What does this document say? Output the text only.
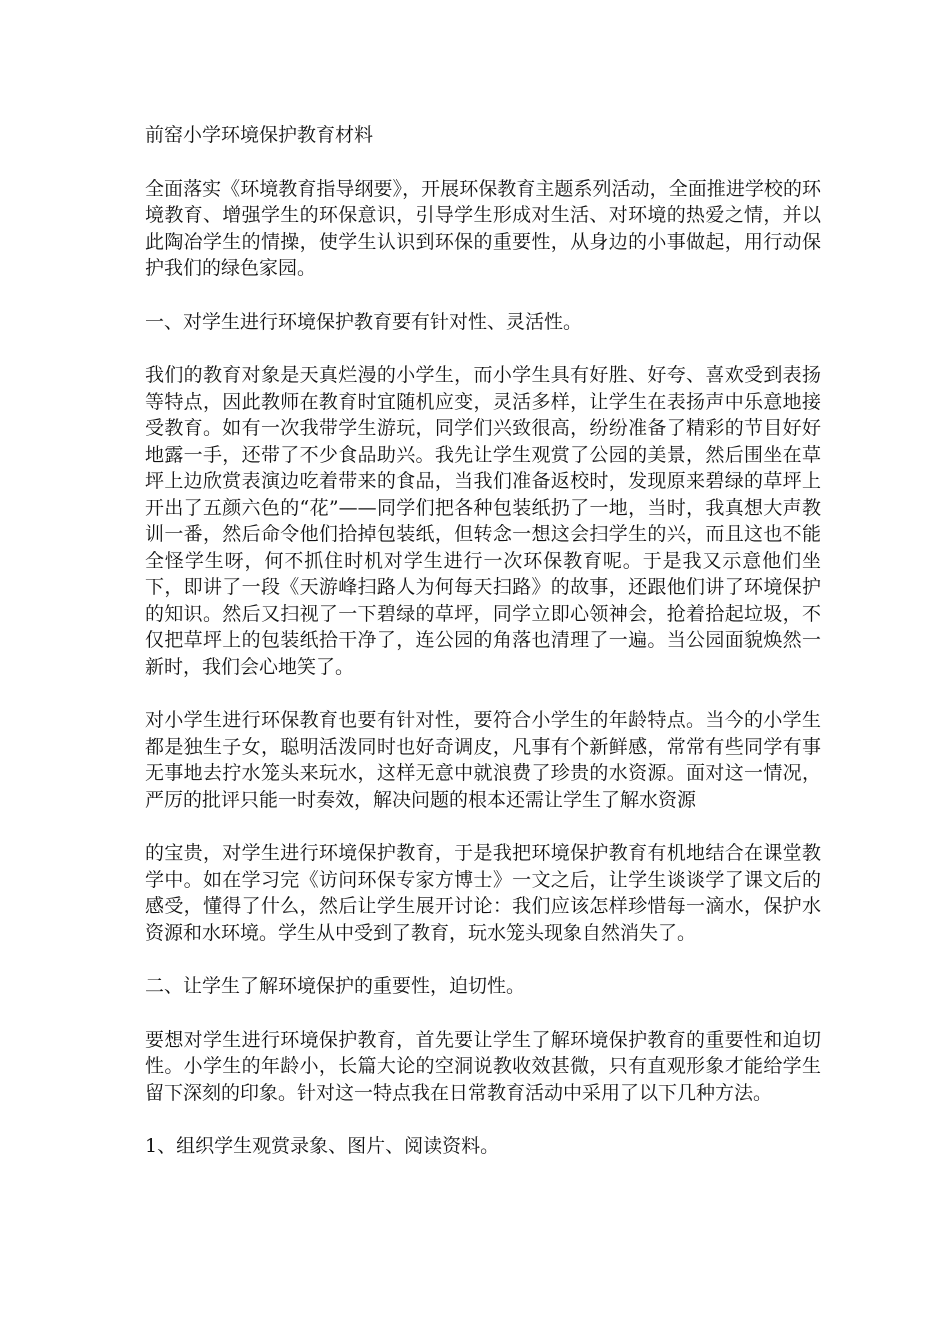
前窑小学环境保护教育材料
全面落实《环境教育指导纲要》，开展环保教育主题系列活动，全面推进学校的环境教育、增强学生的环保意识，引导学生形成对生活、对环境的热爱之情，并以此陶冶学生的情操，使学生认识到环保的重要性，从身边的小事做起，用行动保护我们的绿色家园。
一、对学生进行环境保护教育要有针对性、灵活性。
我们的教育对象是天真烂漫的小学生，而小学生具有好胜、好夸、喜欢受到表扬等特点，因此教师在教育时宜随机应变，灵活多样，让学生在表扬声中乐意地接受教育。如有一次我带学生游玩，同学们兴致很高，纷纷准备了精彩的节目好好地露一手，还带了不少食品助兴。我先让学生观赏了公园的美景，然后围坐在草坪上边欣赏表演边吃着带来的食品，当我们准备返校时，发现原来碧绿的草坪上开出了五颜六色的“花”——同学们把各种包装纸扔了一地，当时，我真想大声教训一番，然后命令他们拾掉包装纸，但转念一想这会扫学生的兴，而且这也不能全怪学生呀，何不抓住时机对学生进行一次环保教育呢。于是我又示意他们坐下，即讲了一段《天游峰扫路人为何每天扫路》的故事，还跟他们讲了环境保护的知识。然后又扫视了一下碧绿的草坪，同学立即心领神会，抢着拾起垃圾，不仅把草坪上的包装纸拾干净了，连公园的角落也清理了一遍。当公园面貌焕然一新时，我们会心地笑了。
对小学生进行环保教育也要有针对性，要符合小学生的年龄特点。当今的小学生都是独生子女，聪明活泼同时也好奇调皮，凡事有个新鲜感，常常有些同学有事无事地去拧水笼头来玩水，这样无意中就浪费了珍贵的水资源。面对这一情况，严厉的批评只能一时奏效，解决问题的根本还需让学生了解水资源
的宝贵，对学生进行环境保护教育，于是我把环境保护教育有机地结合在课堂教学中。如在学习完《访问环保专家方博士》一文之后，让学生谈谈学了课文后的感受，懂得了什么，然后让学生展开讨论：我们应该怎样珍惜每一滴水，保护水资源和水环境。学生从中受到了教育，玩水笼头现象自然消失了。
二、让学生了解环境保护的重要性，迫切性。
要想对学生进行环境保护教育，首先要让学生了解环境保护教育的重要性和迫切性。小学生的年龄小，长篇大论的空洞说教收效甚微，只有直观形象才能给学生留下深刻的印象。针对这一特点我在日常教育活动中采用了以下几种方法。
1、组织学生观赏录象、图片、阅读资料。
